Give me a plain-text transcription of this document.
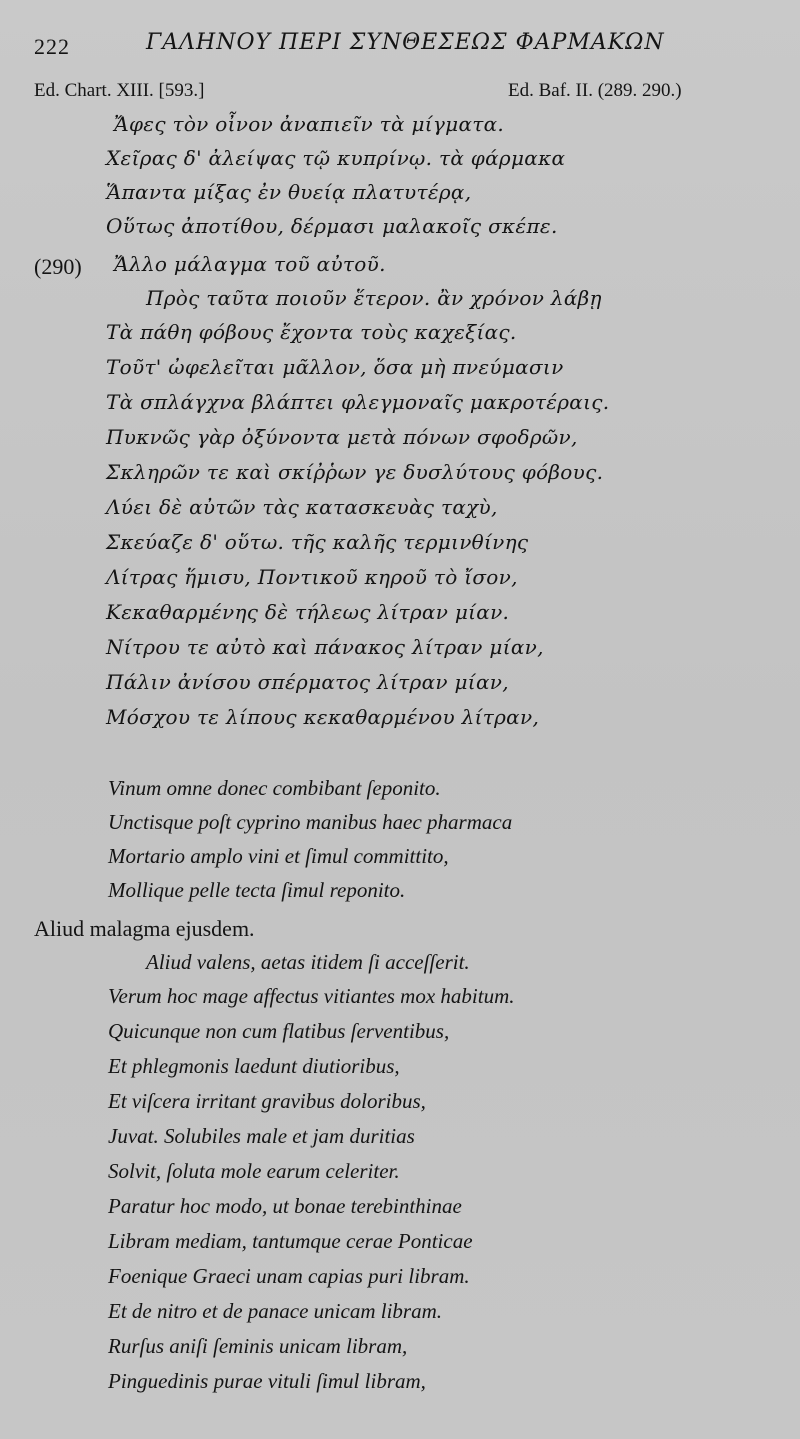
222	ΓΑΛΗΝΟΥ ΠΕΡΙ ΣΥΝΘΕΣΕΩΣ ΦΑΡΜΑΚΩΝ
Ed. Chart. XIII. [593.]	Ed. Baf. II. (289. 290.)
Ἄφες τὸν οἶνον ἀναπιεῖν τὰ μίγματα.
Χεῖρας δ' ἀλείψας τῷ κυπρίνῳ. τὰ φάρμακα
Ἅπαντα μίξας ἐν θυείᾳ πλατυτέρᾳ,
Οὕτως ἀποτίθου, δέρμασι μαλακοῖς σκέπε.
(290) Ἄλλο μάλαγμα τοῦ αὐτοῦ.
Πρὸς ταῦτα ποιοῦν ἕτερον. ἂν χρόνον λάβῃ
Τὰ πάθη φόβους ἔχοντα τοὺς καχεξίας.
Τοῦτ' ὠφελεῖται μᾶλλον, ὅσα μὴ πνεύμασιν
Τὰ σπλάγχνα βλάπτει φλεγμοναῖς μακροτέραις.
Πυκνῶς γὰρ ὀξύνοντα μετὰ πόνων σφοδρῶν,
Σκληρῶν τε καὶ σκίῤῥων γε δυσλύτους φόβους.
Λύει δὲ αὐτῶν τὰς κατασκευὰς ταχὺ,
Σκεύαζε δ' οὕτω. τῆς καλῆς τερμινθίνης
Λίτρας ἥμισυ, Ποντικοῦ κηροῦ τὸ ἴσον,
Κεκαθαρμένης δὲ τήλεως λίτραν μίαν.
Νίτρου τε αὐτὸ καὶ πάνακος λίτραν μίαν,
Πάλιν ἀνίσου σπέρματος λίτραν μίαν,
Μόσχου τε λίπους κεκαθαρμένου λίτραν,
Vinum omne donec combibant ſeponito.
Unctisque poſt cyprino manibus haec pharmaca
Mortario amplo vini et ſimul committito,
Mollique pelle tecta ſimul reponito.
Aliud malagma ejusdem.
Aliud valens, aetas itidem ſi acceſſerit.
Verum hoc mage affectus vitiantes mox habitum.
Quicunque non cum flatibus ſerventibus,
Et phlegmonis laedunt diutioribus,
Et viſcera irritant gravibus doloribus,
Juvat. Solubiles male et jam duritias
Solvit, ſoluta mole earum celeriter.
Paratur hoc modo, ut bonae terebinthinae
Libram mediam, tantumque cerae Ponticae
Foenique Graeci unam capias puri libram.
Et de nitro et de panace unicam libram.
Rurſus aniſi ſeminis unicam libram,
Pinguedinis purae vituli ſimul libram,
